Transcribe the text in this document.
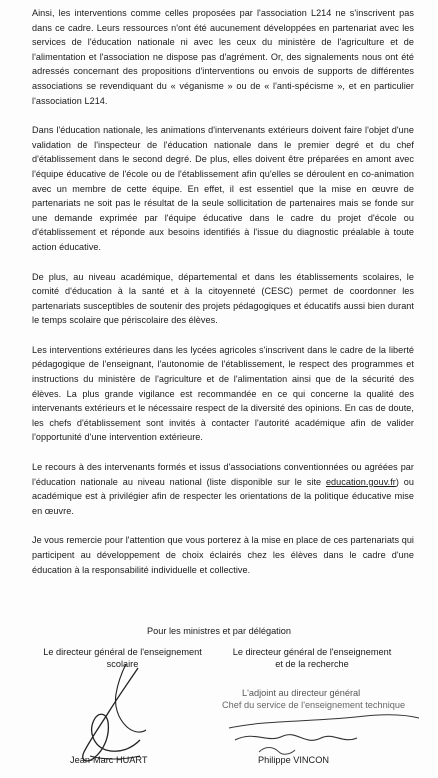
Ainsi, les interventions comme celles proposées par l'association L214 ne s'inscrivent pas dans ce cadre. Leurs ressources n'ont été aucunement développées en partenariat avec les services de l'éducation nationale ni avec les ceux du ministère de l'agriculture et de l'alimentation et l'association ne dispose pas d'agrément. Or, des signalements nous ont été adressés concernant des propositions d'interventions ou envois de supports de différentes associations se revendiquant du « véganisme » ou de « l'anti-spécisme », et en particulier l'association L214.

Dans l'éducation nationale, les animations d'intervenants extérieurs doivent faire l'objet d'une validation de l'inspecteur de l'éducation nationale dans le premier degré et du chef d'établissement dans le second degré. De plus, elles doivent être préparées en amont avec l'équipe éducative de l'école ou de l'établissement afin qu'elles se déroulent en co-animation avec un membre de cette équipe. En effet, il est essentiel que la mise en œuvre de partenariats ne soit pas le résultat de la seule sollicitation de partenaires mais se fonde sur une demande exprimée par l'équipe éducative dans le cadre du projet d'école ou d'établissement et réponde aux besoins identifiés à l'issue du diagnostic préalable à toute action éducative.

De plus, au niveau académique, départemental et dans les établissements scolaires, le comité d'éducation à la santé et à la citoyenneté (CESC) permet de coordonner les partenariats susceptibles de soutenir des projets pédagogiques et éducatifs aussi bien durant le temps scolaire que périscolaire des élèves.

Les interventions extérieures dans les lycées agricoles s'inscrivent dans le cadre de la liberté pédagogique de l'enseignant, l'autonomie de l'établissement, le respect des programmes et instructions du ministère de l'agriculture et de l'alimentation ainsi que de la sécurité des élèves. La plus grande vigilance est recommandée en ce qui concerne la qualité des intervenants extérieurs et le nécessaire respect de la diversité des opinions. En cas de doute, les chefs d'établissement sont invités à contacter l'autorité académique afin de valider l'opportunité d'une intervention extérieure.

Le recours à des intervenants formés et issus d'associations conventionnées ou agréées par l'éducation nationale au niveau national (liste disponible sur le site education.gouv.fr) ou académique est à privilégier afin de respecter les orientations de la politique éducative mise en œuvre.

Je vous remercie pour l'attention que vous porterez à la mise en place de ces partenariats qui participent au développement de choix éclairés chez les élèves dans le cadre d'une éducation à la responsabilité individuelle et collective.

Pour les ministres et par délégation
Le directeur général de l'enseignement
scolaire
Le directeur général de l'enseignement
et de la recherche
L'adjoint au directeur général
Chef du service de l'enseignement technique
Jean-Marc HUART	Philippe VINCON
